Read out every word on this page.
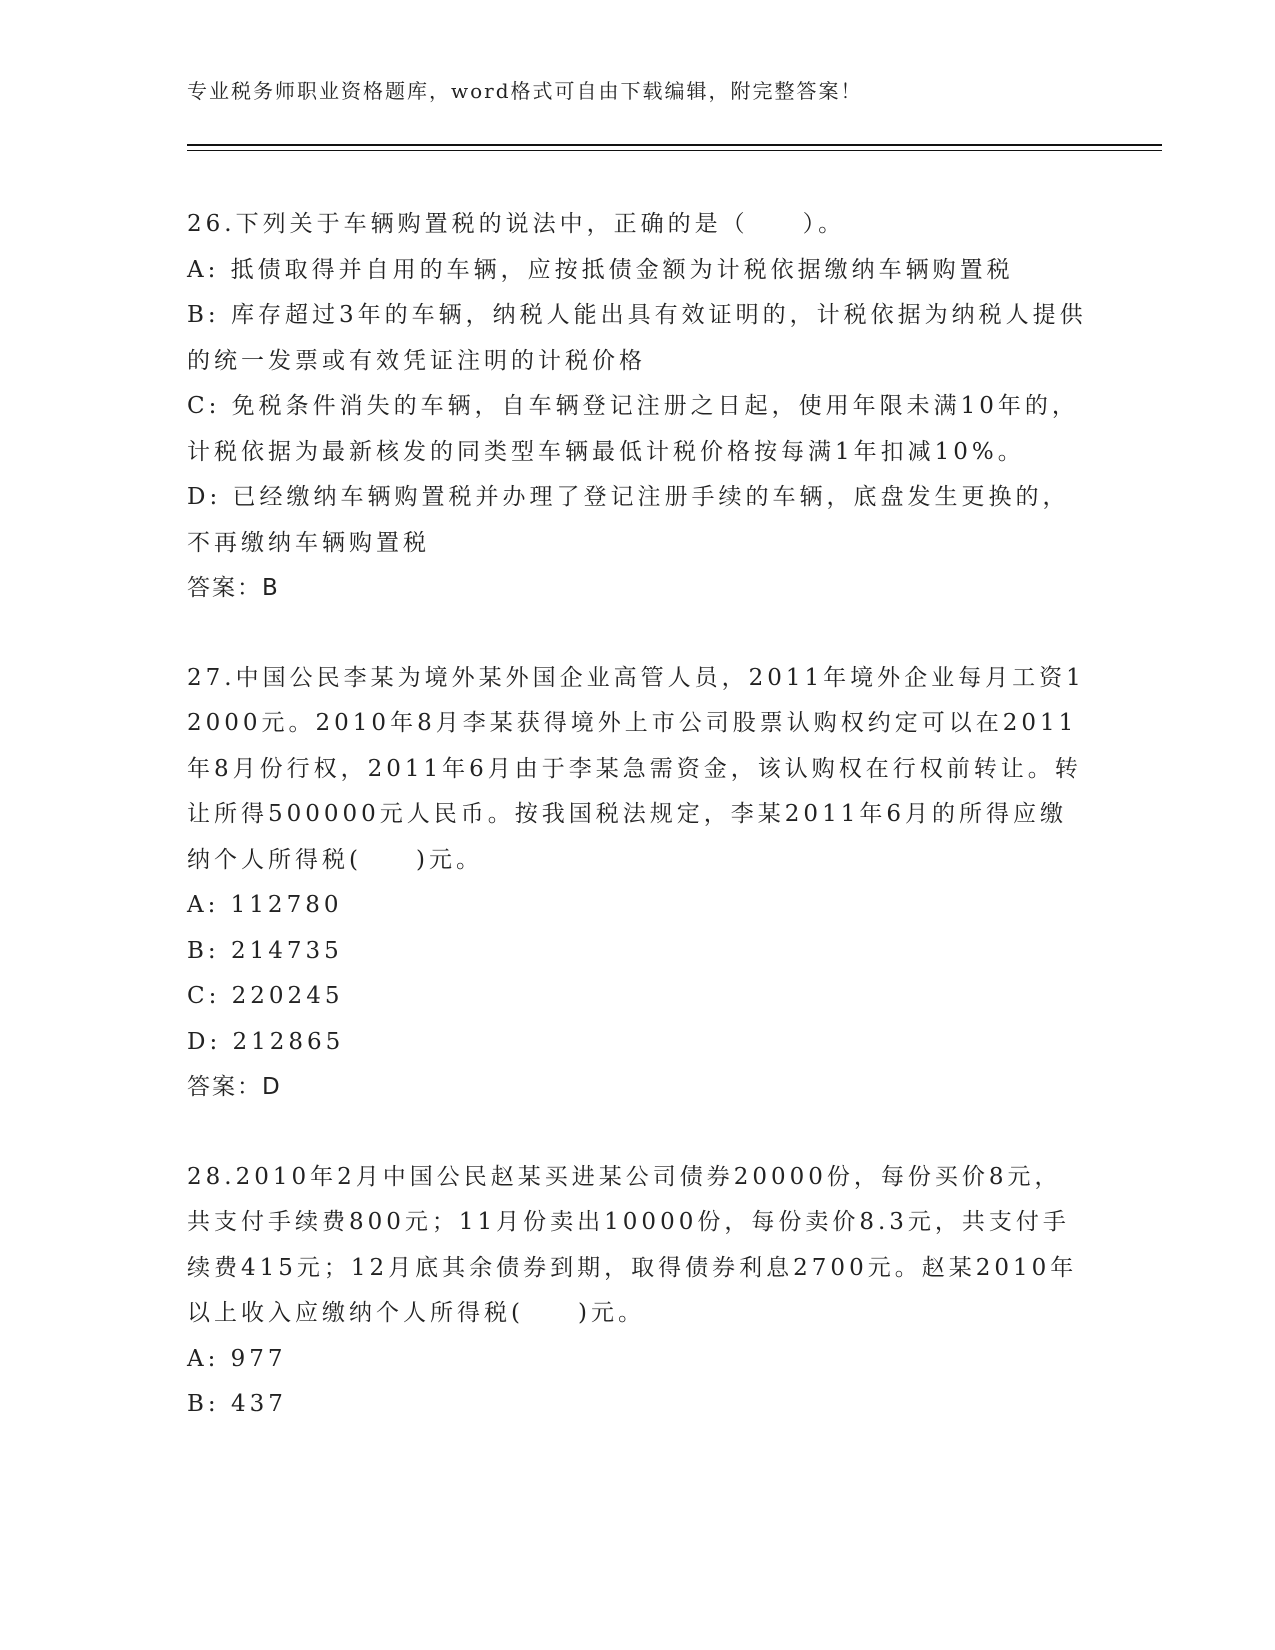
专业税务师职业资格题库，word格式可自由下载编辑，附完整答案！

26.下列关于车辆购置税的说法中，正确的是（　　）。

A: 抵债取得并自用的车辆，应按抵债金额为计税依据缴纳车辆购置税

B: 库存超过3年的车辆，纳税人能出具有效证明的，计税依据为纳税人提供的统一发票或有效凭证注明的计税价格

C: 免税条件消失的车辆，自车辆登记注册之日起，使用年限未满10年的，计税依据为最新核发的同类型车辆最低计税价格按每满1年扣减10%。

D: 已经缴纳车辆购置税并办理了登记注册手续的车辆，底盘发生更换的，不再缴纳车辆购置税

答案：B

27.中国公民李某为境外某外国企业高管人员，2011年境外企业每月工资12000元。2010年8月李某获得境外上市公司股票认购权约定可以在2011年8月份行权，2011年6月由于李某急需资金，该认购权在行权前转让。转让所得500000元人民币。按我国税法规定，李某2011年6月的所得应缴纳个人所得税(　　)元。

A: 112780

B: 214735

C: 220245

D: 212865

答案：D

28.2010年2月中国公民赵某买进某公司债券20000份，每份买价8元，共支付手续费800元；11月份卖出10000份，每份卖价8.3元，共支付手续费415元；12月底其余债券到期，取得债券利息2700元。赵某2010年以上收入应缴纳个人所得税(　　)元。

A: 977

B: 437
